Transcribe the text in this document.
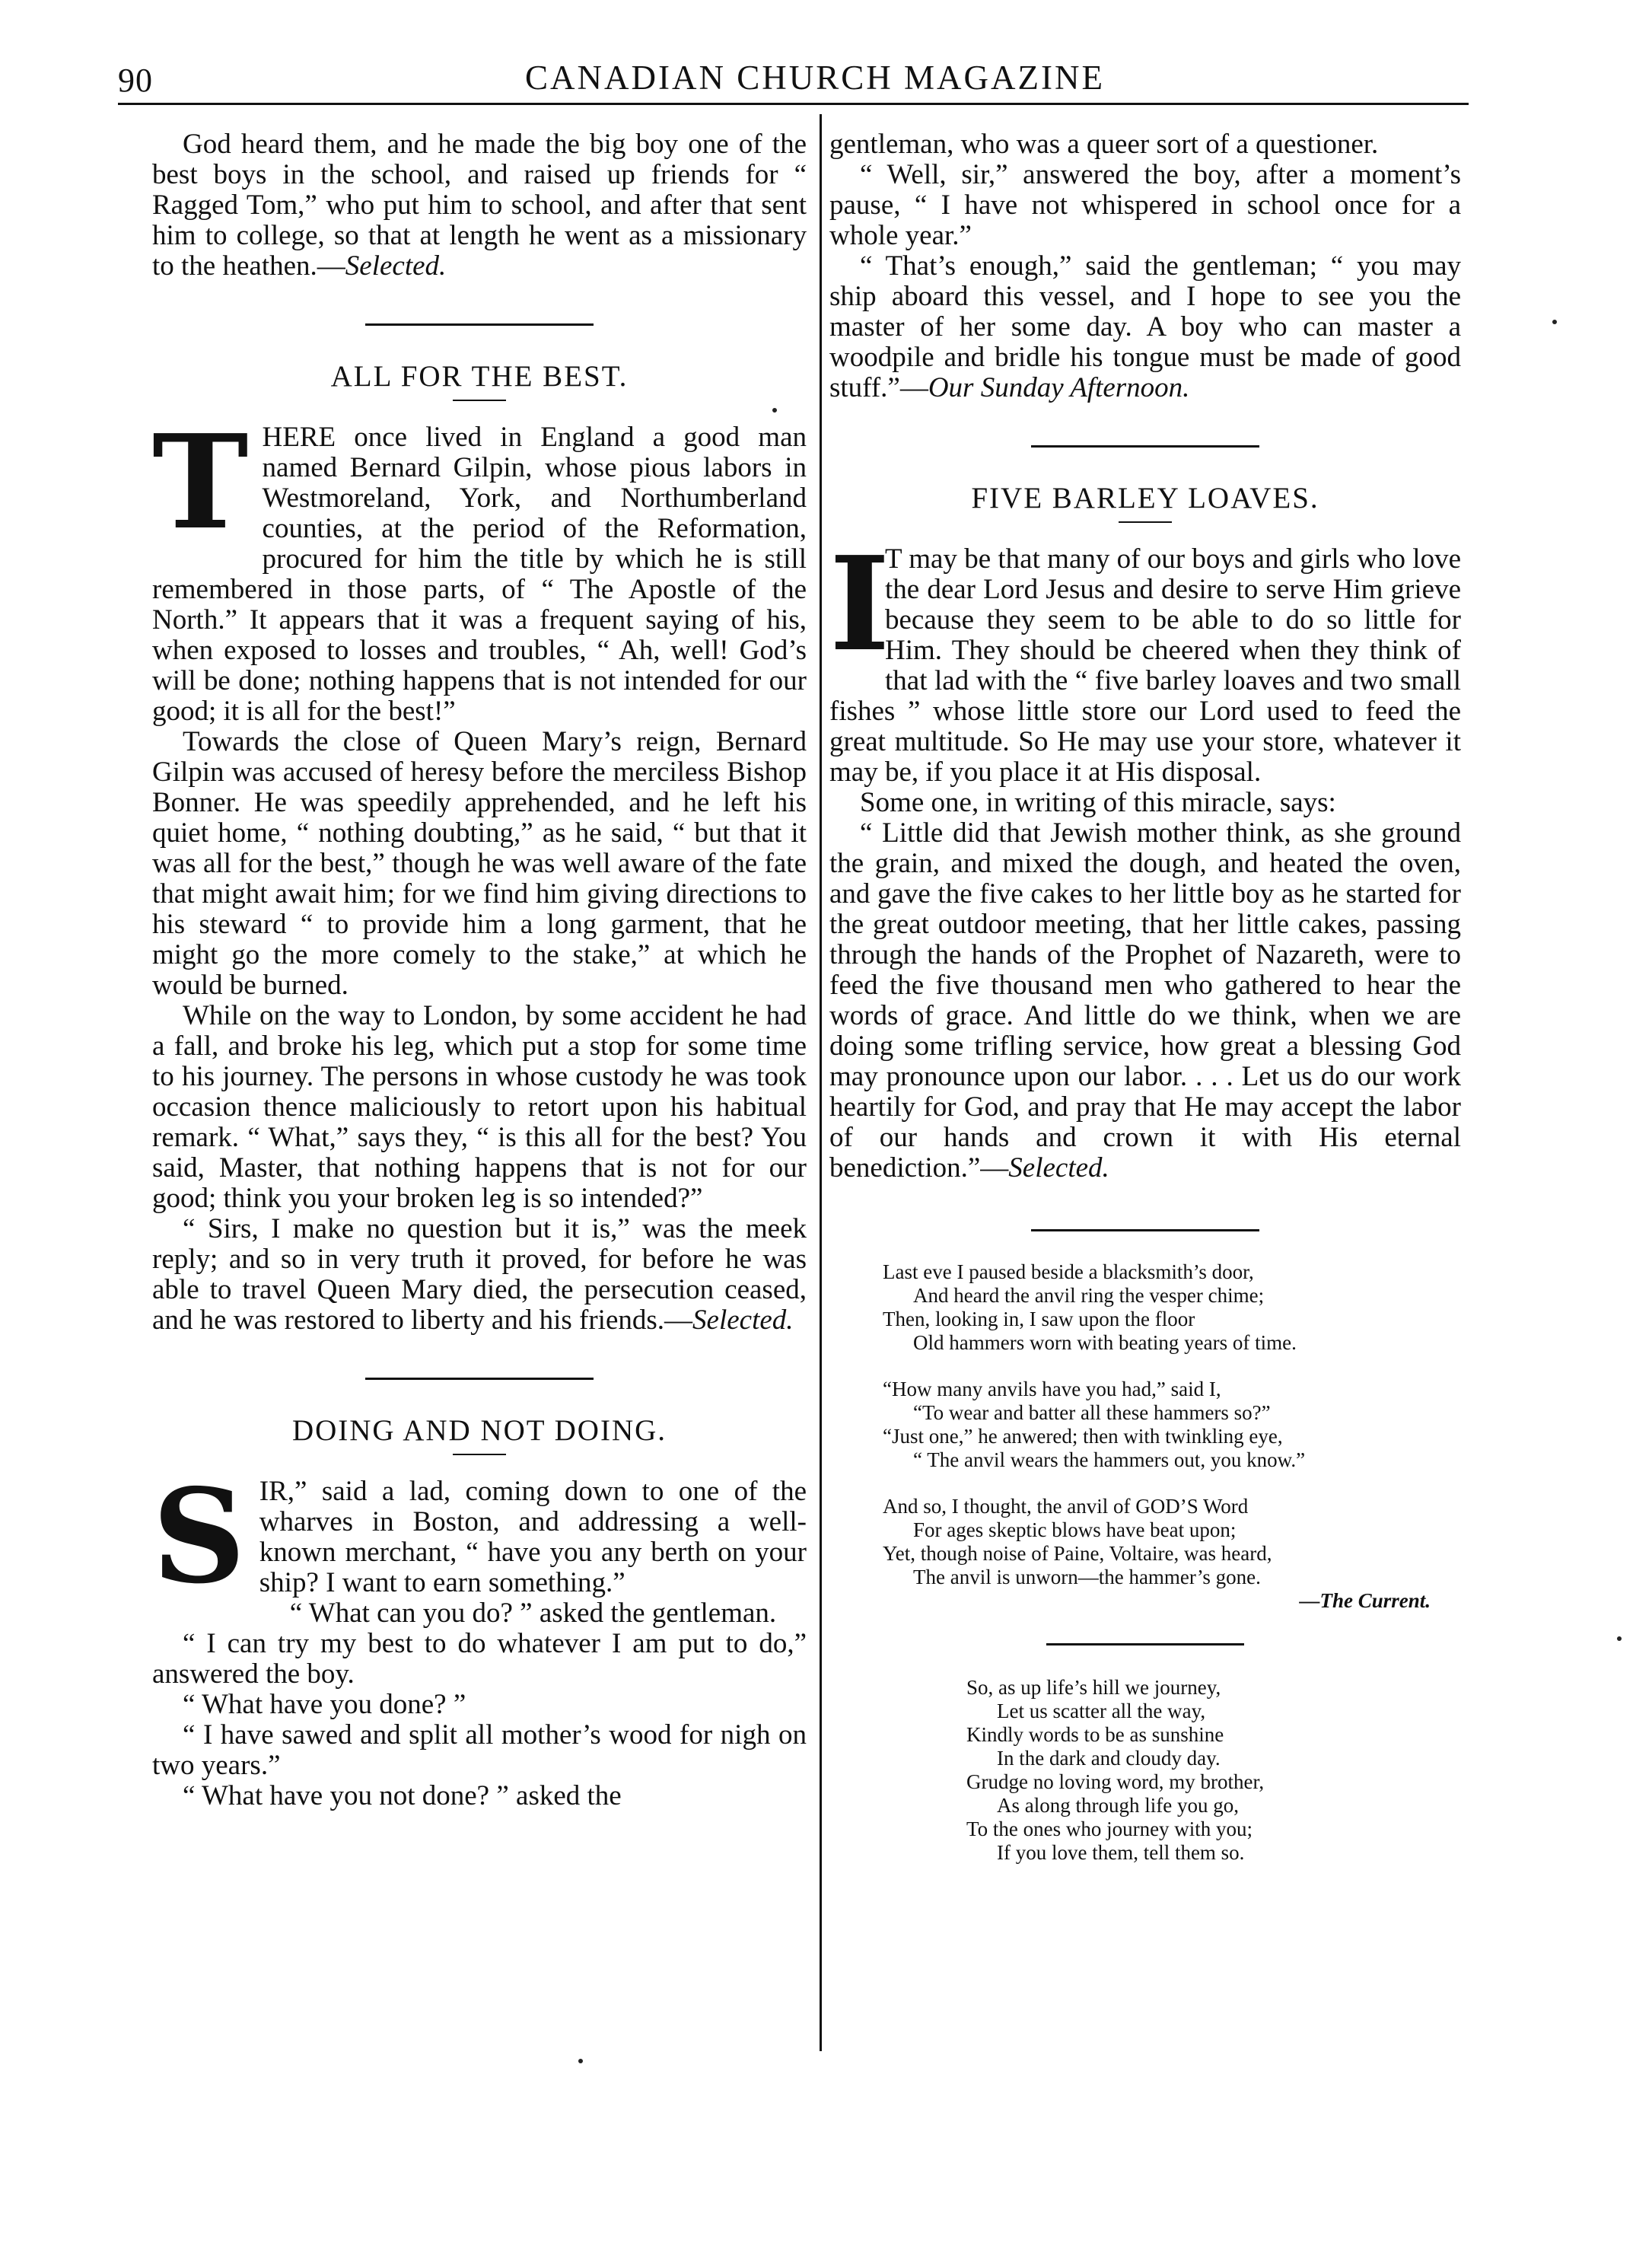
90	CANADIAN CHURCH MAGAZINE

God heard them, and he made the big boy one of the best boys in the school, and raised up friends for “ Ragged Tom,” who put him to school, and after that sent him to college, so that at length he went as a missionary to the heathen.—Selected.

ALL FOR THE BEST.

THERE once lived in England a good man named Bernard Gilpin, whose pious labors in Westmoreland, York, and Northumberland counties, at the period of the Reformation, procured for him the title by which he is still remembered in those parts, of “ The Apostle of the North.” It appears that it was a frequent saying of his, when exposed to losses and troubles, “ Ah, well! God’s will be done; nothing happens that is not intended for our good; it is all for the best!”

Towards the close of Queen Mary’s reign, Bernard Gilpin was accused of heresy before the merciless Bishop Bonner. He was speedily apprehended, and he left his quiet home, “ nothing doubting,” as he said, “ but that it was all for the best,” though he was well aware of the fate that might await him; for we find him giving directions to his steward “ to provide him a long garment, that he might go the more comely to the stake,” at which he would be burned.

While on the way to London, by some accident he had a fall, and broke his leg, which put a stop for some time to his journey. The persons in whose custody he was took occasion thence maliciously to retort upon his habitual remark. “ What,” says they, “ is this all for the best? You said, Master, that nothing happens that is not for our good; think you your broken leg is so intended?”

“ Sirs, I make no question but it is,” was the meek reply; and so in very truth it proved, for before he was able to travel Queen Mary died, the persecution ceased, and he was restored to liberty and his friends.—Selected.

DOING AND NOT DOING.

SIR,” said a lad, coming down to one of the wharves in Boston, and addressing a well-known merchant, “ have you any berth on your ship? I want to earn something.”

“ What can you do? ” asked the gentleman.

“ I can try my best to do whatever I am put to do,” answered the boy.

“ What have you done? ”

“ I have sawed and split all mother’s wood for nigh on two years.”

“ What have you not done? ” asked the

gentleman, who was a queer sort of a questioner.

“ Well, sir,” answered the boy, after a moment’s pause, “ I have not whispered in school once for a whole year.”

“ That’s enough,” said the gentleman; “ you may ship aboard this vessel, and I hope to see you the master of her some day. A boy who can master a woodpile and bridle his tongue must be made of good stuff.”—Our Sunday Afternoon.

FIVE BARLEY LOAVES.

I
T may be that many of our boys and girls who love the dear Lord Jesus and desire to serve Him grieve because they seem to be able to do so little for Him. They should be cheered when they think of that lad with the “ five barley loaves and two small fishes ” whose little store our Lord used to feed the great multitude. So He may use your store, whatever it may be, if you place it at His disposal.

Some one, in writing of this miracle, says:

“ Little did that Jewish mother think, as she ground the grain, and mixed the dough, and heated the oven, and gave the five cakes to her little boy as he started for the great outdoor meeting, that her little cakes, passing through the hands of the Prophet of Nazareth, were to feed the five thousand men who gathered to hear the words of grace. And little do we think, when we are doing some trifling service, how great a blessing God may pronounce upon our labor. . . . Let us do our work heartily for God, and pray that He may accept the labor of our hands and crown it with His eternal benediction.”—Selected.

Last eve I paused beside a blacksmith’s door,
And heard the anvil ring the vesper chime;
Then, looking in, I saw upon the floor
Old hammers worn with beating years of time.
“How many anvils have you had,” said I,
“To wear and batter all these hammers so?”
“Just one,” he anwered; then with twinkling eye,
“ The anvil wears the hammers out, you know.”
And so, I thought, the anvil of GOD’S Word
For ages skeptic blows have beat upon;
Yet, though noise of Paine, Voltaire, was heard,
The anvil is unworn—the hammer’s gone.
—The Current.
So, as up life’s hill we journey,
Let us scatter all the way,
Kindly words to be as sunshine
In the dark and cloudy day.
Grudge no loving word, my brother,
As along through life you go,
To the ones who journey with you;
If you love them, tell them so.
